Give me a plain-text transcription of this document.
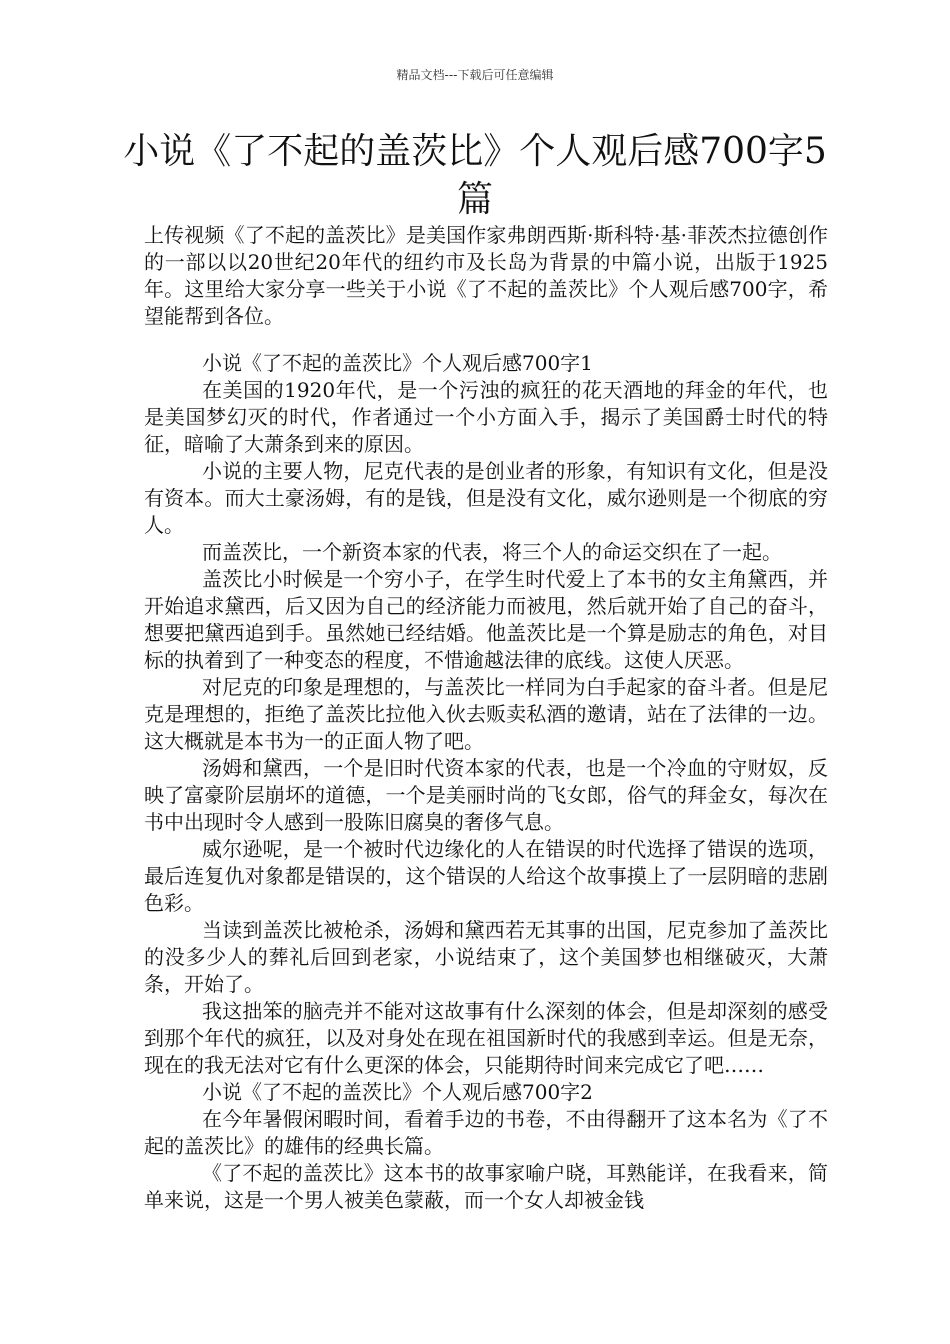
精品文档---下载后可任意编辑
小说《了不起的盖茨比》个人观后感700字5篇

上传视频《了不起的盖茨比》是美国作家弗朗西斯·斯科特·基·菲茨杰拉德创作的一部以以20世纪20年代的纽约市及长岛为背景的中篇小说，出版于1925年。这里给大家分享一些关于小说《了不起的盖茨比》个人观后感700字，希望能帮到各位。

小说《了不起的盖茨比》个人观后感700字1

在美国的1920年代，是一个污浊的疯狂的花天酒地的拜金的年代，也是美国梦幻灭的时代，作者通过一个小方面入手，揭示了美国爵士时代的特征，暗喻了大萧条到来的原因。

小说的主要人物，尼克代表的是创业者的形象，有知识有文化，但是没有资本。而大土豪汤姆，有的是钱，但是没有文化，威尔逊则是一个彻底的穷人。

而盖茨比，一个新资本家的代表，将三个人的命运交织在了一起。

盖茨比小时候是一个穷小子，在学生时代爱上了本书的女主角黛西，并开始追求黛西，后又因为自己的经济能力而被甩，然后就开始了自己的奋斗，想要把黛西追到手。虽然她已经结婚。他盖茨比是一个算是励志的角色，对目标的执着到了一种变态的程度，不惜逾越法律的底线。这使人厌恶。

对尼克的印象是理想的，与盖茨比一样同为白手起家的奋斗者。但是尼克是理想的，拒绝了盖茨比拉他入伙去贩卖私酒的邀请，站在了法律的一边。这大概就是本书为一的正面人物了吧。

汤姆和黛西，一个是旧时代资本家的代表，也是一个冷血的守财奴，反映了富豪阶层崩坏的道德，一个是美丽时尚的飞女郎，俗气的拜金女，每次在书中出现时令人感到一股陈旧腐臭的奢侈气息。

威尔逊呢，是一个被时代边缘化的人在错误的时代选择了错误的选项，最后连复仇对象都是错误的，这个错误的人给这个故事摸上了一层阴暗的悲剧色彩。

当读到盖茨比被枪杀，汤姆和黛西若无其事的出国，尼克参加了盖茨比的没多少人的葬礼后回到老家，小说结束了，这个美国梦也相继破灭，大萧条，开始了。

我这拙笨的脑壳并不能对这故事有什么深刻的体会，但是却深刻的感受到那个年代的疯狂，以及对身处在现在祖国新时代的我感到幸运。但是无奈，现在的我无法对它有什么更深的体会，只能期待时间来完成它了吧……

小说《了不起的盖茨比》个人观后感700字2

在今年暑假闲暇时间，看着手边的书卷，不由得翻开了这本名为《了不起的盖茨比》的雄伟的经典长篇。

《了不起的盖茨比》这本书的故事家喻户晓，耳熟能详，在我看来，简单来说，这是一个男人被美色蒙蔽，而一个女人却被金钱
